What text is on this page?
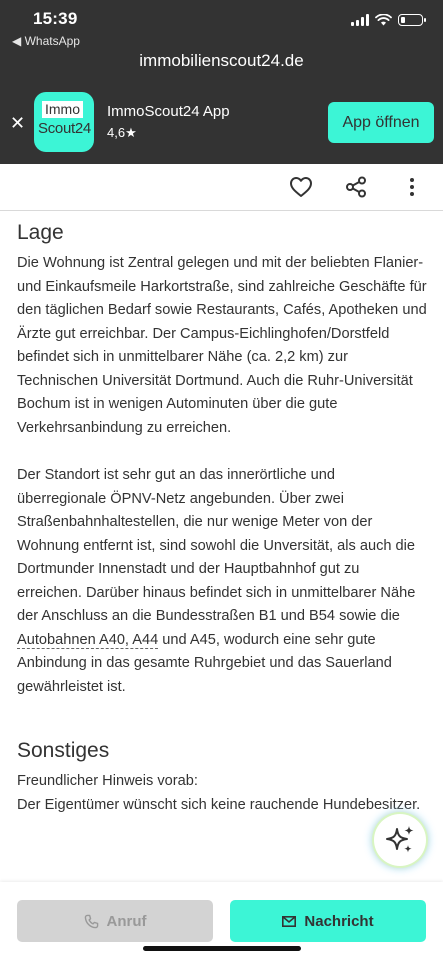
15:39
◀ WhatsApp
immobilienscout24.de
✕
Immo
Scout24
ImmoScout24 App
4,6★
App öffnen
Lage

Die Wohnung ist Zentral gelegen und mit der beliebten Flanier- und Einkaufsmeile Harkortstraße, sind zahlreiche Geschäfte für den täglichen Bedarf sowie Restaurants, Cafés, Apotheken und Ärzte gut erreichbar. Der Campus-Eichlinghofen/Dorstfeld befindet sich in unmittelbarer Nähe (ca. 2,2 km) zur Technischen Universität Dortmund. Auch die Ruhr-Universität Bochum ist in wenigen Autominuten über die gute Verkehrsanbindung zu erreichen.

Der Standort ist sehr gut an das innerörtliche und überregionale ÖPNV-Netz angebunden. Über zwei Straßenbahnhaltestellen, die nur wenige Meter von der Wohnung entfernt ist, sind sowohl die Unversität, als auch die Dortmunder Innenstadt und der Hauptbahnhof gut zu erreichen. Darüber hinaus befindet sich in unmittelbarer Nähe der Anschluss an die Bundesstraßen B1 und B54 sowie die Autobahnen A40, A44 und A45, wodurch eine sehr gute Anbindung in das gesamte Ruhrgebiet und das Sauerland gewährleistet ist.

Sonstiges

Freundlicher Hinweis vorab:
Der Eigentümer wünscht sich keine rauchende Hundebesitzer.

Anruf	Nachricht
